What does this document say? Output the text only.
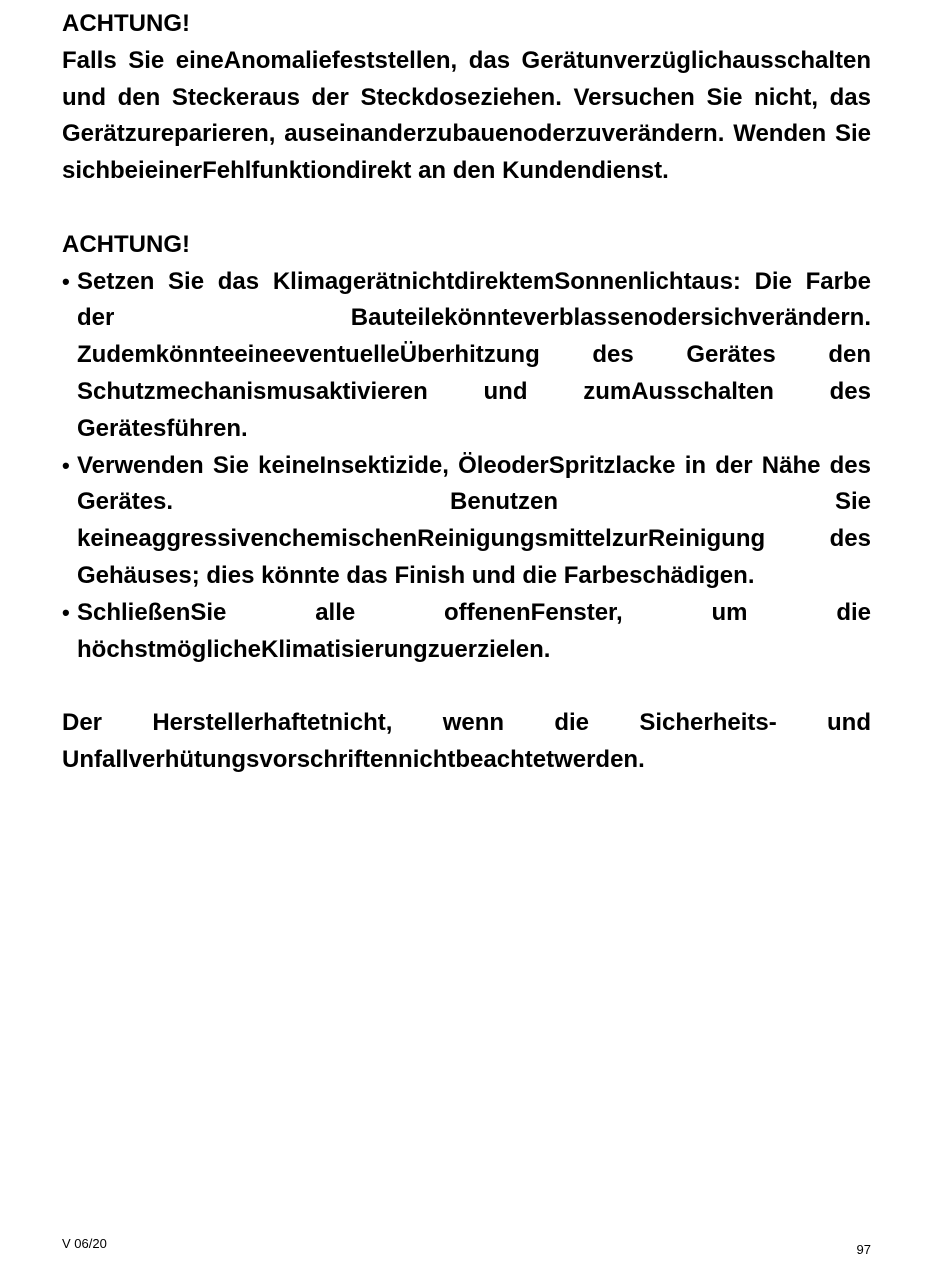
ACHTUNG!

Falls Sie eineAnomaliefeststellen, das Gerätunverzüglichausschalten und den Steckeraus der Steckdoseziehen. Versuchen Sie nicht, das Gerätzureparieren, auseinanderzubauenoderzuverändern. Wenden Sie sichbeieinerFehlfunktiondirekt an den Kundendienst.

ACHTUNG!
• Setzen Sie das KlimagerätnichtdirektemSonnenlichtaus: Die Farbe der Bauteilekönnteverblassenodersichverändern. ZudemkönnteeineeventuelleÜberhitzung des Gerätes den Schutzmechanismusaktivieren und zumAusschalten des Gerätesführen.
• Verwenden Sie keineInsektizide, ÖleoderSpritzlacke in der Nähe des Gerätes. Benutzen Sie keineaggressivenchemischenReinigungsmittelzurReinigung des Gehäuses; dies könnte das Finish und die Farbeschädigen.
• SchließenSie alle offenenFenster, um die höchstmöglicheKlimatisierungzuerzielen.

Der Herstellerhaftetnicht, wenn die Sicherheits- und Unfallverhütungsvorschriftennichtbeachtetwerden.

V 06/20	97
